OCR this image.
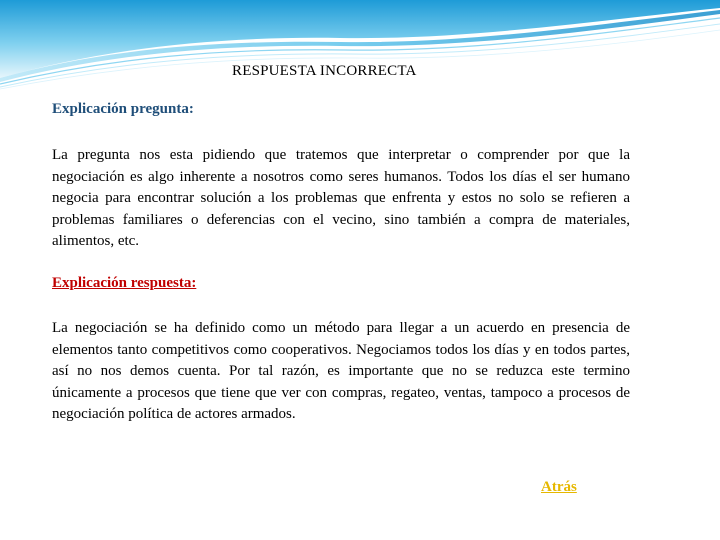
RESPUESTA INCORRECTA
Explicación pregunta:

La pregunta nos esta pidiendo que tratemos que interpretar o comprender por que la negociación es algo inherente a nosotros como seres humanos. Todos los días el ser humano negocia para encontrar solución a los problemas que enfrenta y estos no solo se refieren a problemas familiares o deferencias con el vecino, sino también a compra de materiales, alimentos, etc.

Explicación respuesta:

La negociación se ha definido como un método para llegar a un acuerdo en presencia de elementos tanto competitivos como cooperativos. Negociamos todos los días y en todos partes, así no nos demos cuenta. Por tal razón, es importante que no se reduzca este termino únicamente a procesos que tiene que ver con compras, regateo, ventas, tampoco a procesos de negociación política de actores armados.

Atrás
